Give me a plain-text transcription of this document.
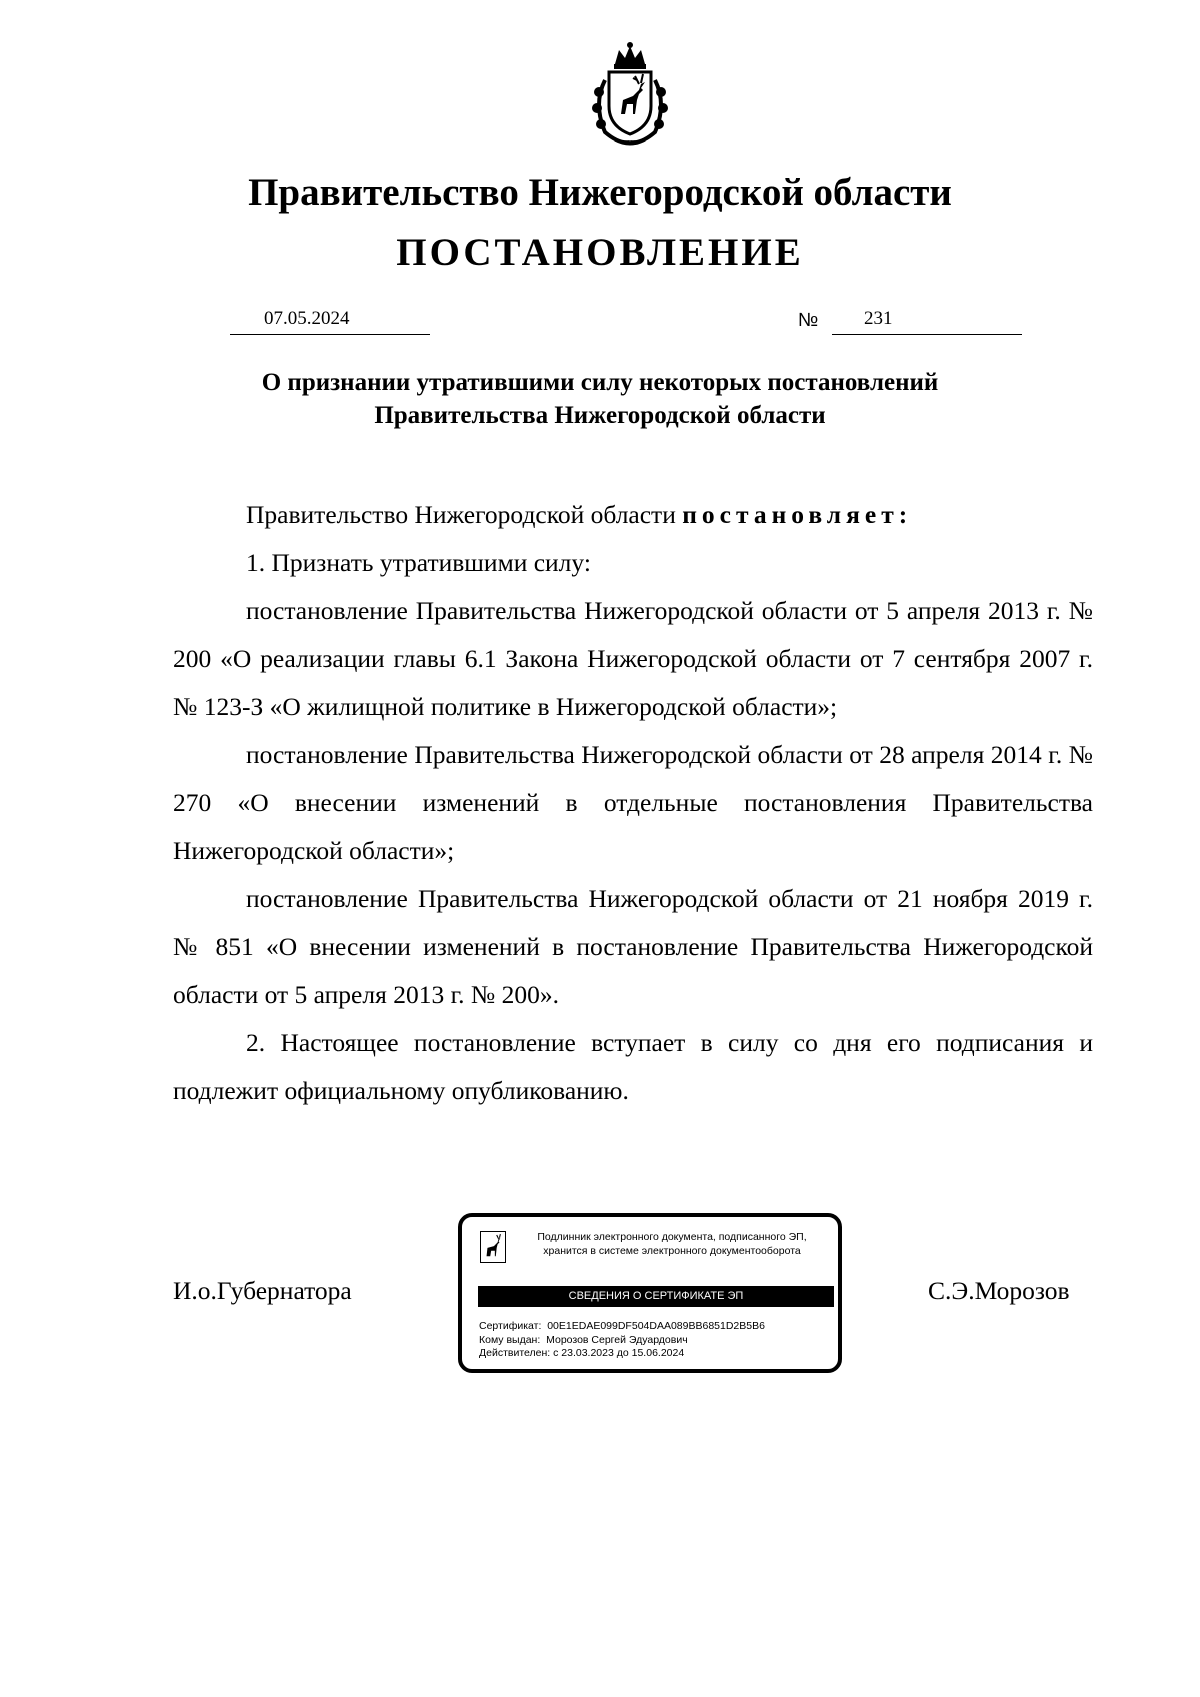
Правительство Нижегородской области
ПОСТАНОВЛЕНИЕ
07.05.2024	№ 231
О признании утратившими силу некоторых постановлений
Правительства Нижегородской области

Правительство Нижегородской области постановляет:

1. Признать утратившими силу:

постановление Правительства Нижегородской области от 5 апреля 2013 г. № 200 «О реализации главы 6.1 Закона Нижегородской области от 7 сентября 2007 г. № 123-З «О жилищной политике в Нижегородской области»;

постановление Правительства Нижегородской области от 28 апреля 2014 г. № 270 «О внесении изменений в отдельные постановления Правительства Нижегородской области»;

постановление Правительства Нижегородской области от 21 ноября 2019 г. № 851 «О внесении изменений в постановление Правительства Нижегородской области от 5 апреля 2013 г. № 200».

2. Настоящее постановление вступает в силу со дня его подписания и подлежит официальному опубликованию.

И.о.Губернатора
Подлинник электронного документа, подписанного ЭП,
хранится в системе электронного документооборота
СВЕДЕНИЯ О СЕРТИФИКАТЕ ЭП
Сертификат: 00E1EDAE099DF504DAA089BB6851D2B5B6
Кому выдан: Морозов Сергей Эдуардович
Действителен: с 23.03.2023 до 15.06.2024
С.Э.Морозов
